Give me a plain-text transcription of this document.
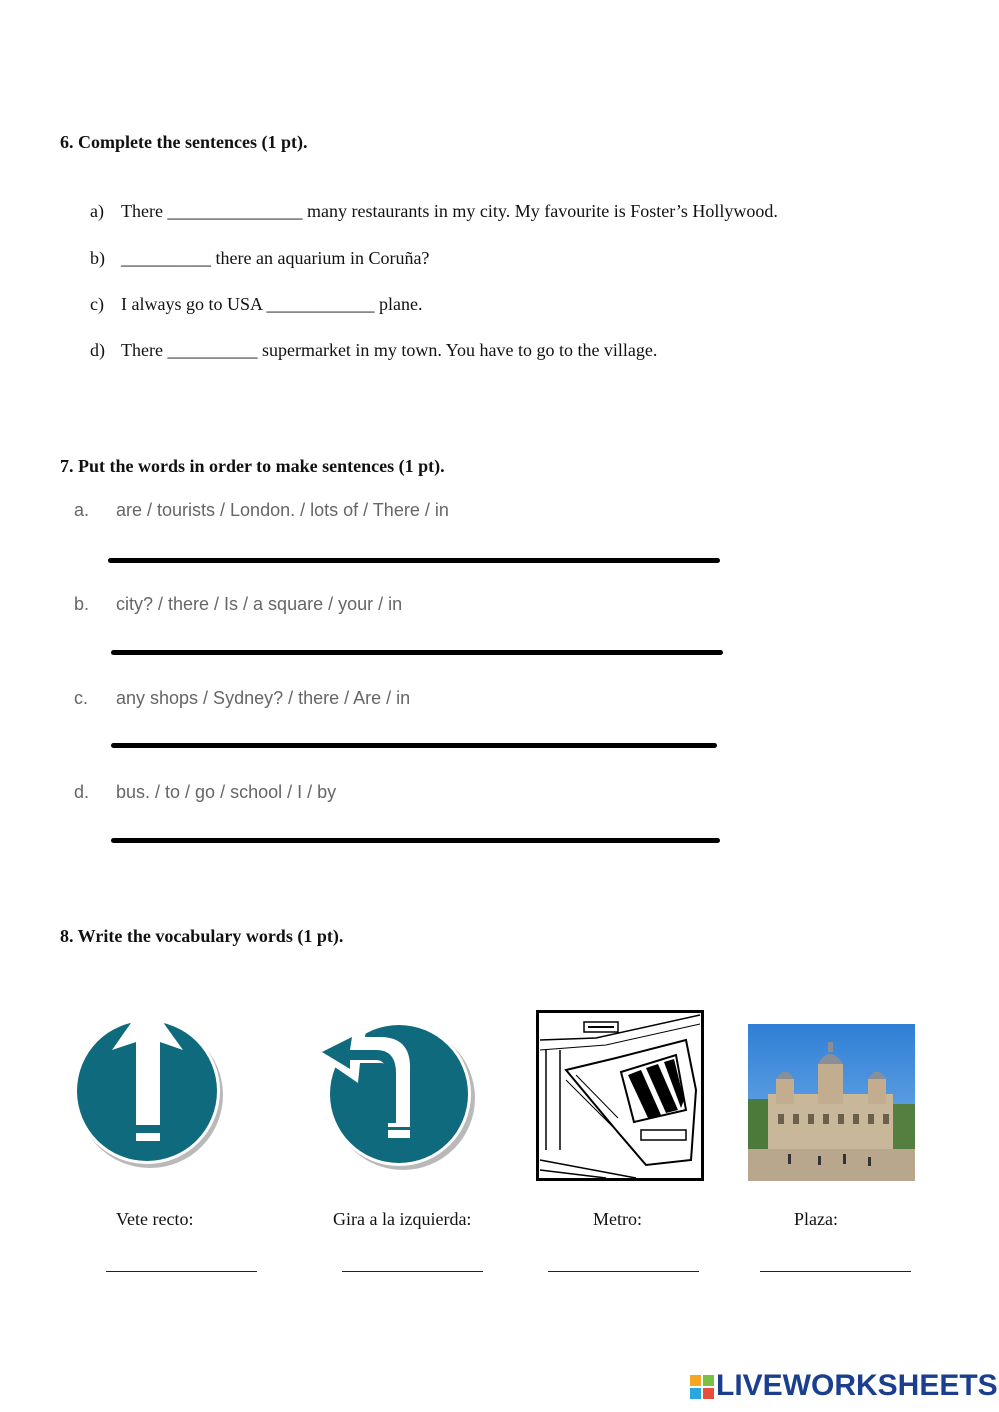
6. Complete the sentences (1 pt).
a) There _______________ many restaurants in my city. My favourite is Foster’s Hollywood.
b) __________ there an aquarium in Coruña?
c) I always go to USA ____________ plane.
d) There __________ supermarket in my town. You have to go to the village.
7. Put the words in order to make sentences (1 pt).
a. are / tourists / London. / lots of / There / in
b. city? / there / Is / a square / your / in
c. any shops / Sydney? / there / Are / in
d. bus. / to / go / school / I / by
8. Write the vocabulary words (1 pt).
Vete recto:	Gira a la izquierda:	Metro:	Plaza:
LIVEWORKSHEETS
